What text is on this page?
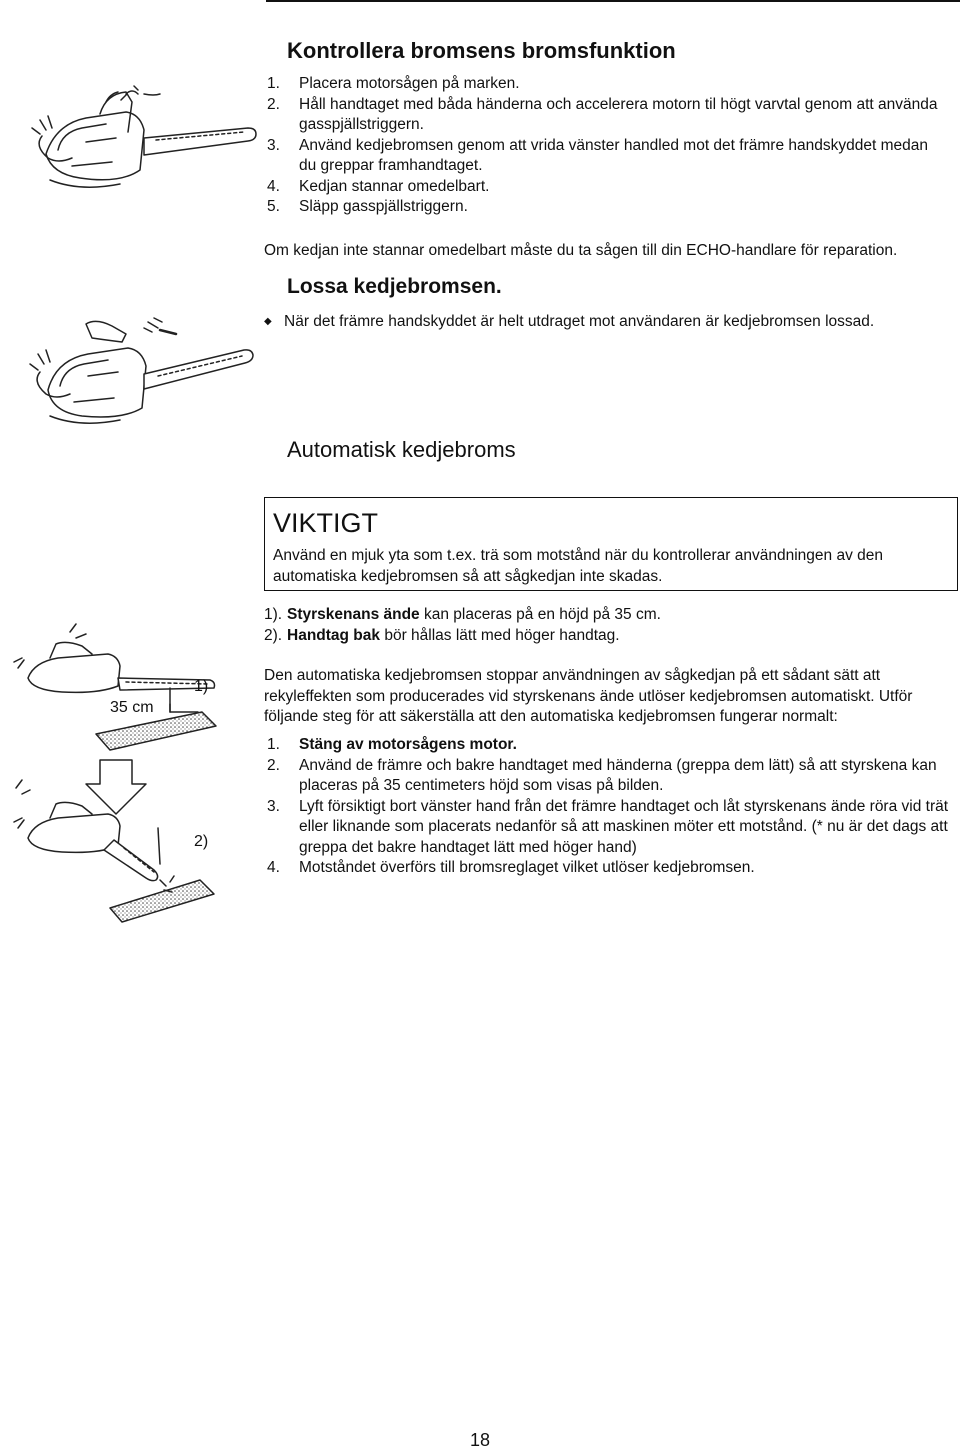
35 cm
1)
2)
Kontrollera bromsens bromsfunktion
1. Placera motorsågen på marken.
2. Håll handtaget med båda händerna och accelerera motorn til högt varvtal genom att använda gasspjällstriggern.
3. Använd kedjebromsen genom att vrida vänster handled mot det främre handskyddet medan du greppar framhandtaget.
4. Kedjan stannar omedelbart.
5. Släpp gasspjällstriggern.
Om kedjan inte stannar omedelbart måste du ta sågen till din ECHO-handlare för reparation.
Lossa kedjebromsen.
◆ När det främre handskyddet är helt utdraget mot användaren är kedjebromsen lossad.
Automatisk kedjebroms
VIKTIGT
Använd en mjuk yta som t.ex. trä som motstånd när du kontrollerar användningen av den automatiska kedjebromsen så att sågkedjan inte skadas.
1). Styrskenans ände kan placeras på en höjd på 35 cm.
2). Handtag bak bör hållas lätt med höger handtag.
Den automatiska kedjebromsen stoppar användningen av sågkedjan på ett sådant sätt att rekyleffekten som producerades vid styrskenans ände utlöser kedjebromsen automatiskt. Utför följande steg för att säkerställa att den automatiska kedjebromsen fungerar normalt:
1. Stäng av motorsågens motor.
2. Använd de främre och bakre handtaget med händerna (greppa dem lätt) så att styrskena kan placeras på 35 centimeters höjd som visas på bilden.
3. Lyft försiktigt bort vänster hand från det främre handtaget och låt styrskenans ände röra vid trät eller liknande som placerats nedanför så att maskinen möter ett motstånd. (* nu är det dags att greppa det bakre handtaget lätt med höger hand)
4. Motståndet överförs till bromsreglaget vilket utlöser kedjebromsen.
18
